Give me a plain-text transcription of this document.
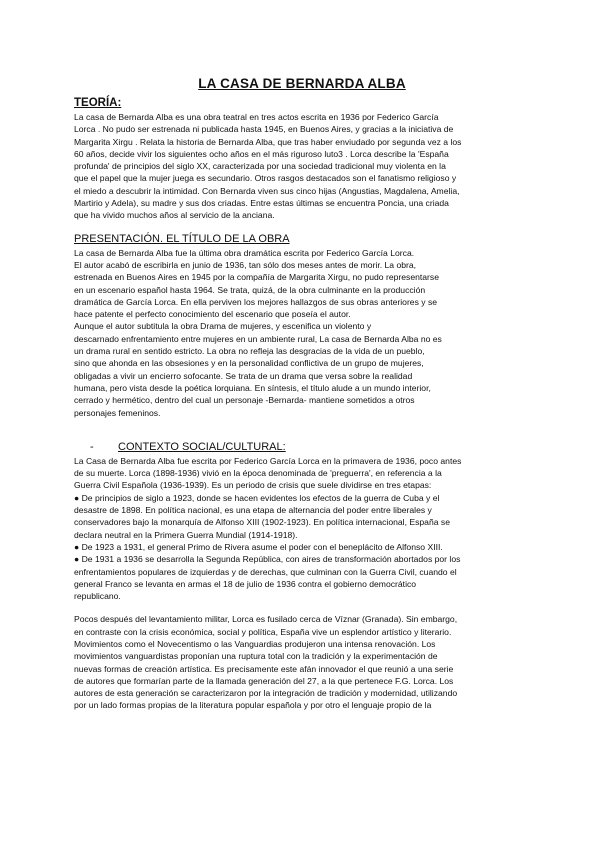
LA CASA DE BERNARDA ALBA
TEORÍA:

La casa de Bernarda Alba es una obra teatral en tres actos escrita en 1936 por Federico García

Lorca . No pudo ser estrenada ni publicada hasta 1945, en Buenos Aires, y gracias a la iniciativa de

Margarita Xirgu . Relata la historia de Bernarda Alba, que tras haber enviudado por segunda vez a los

60 años, decide vivir los siguientes ocho años en el más riguroso luto3 . Lorca describe la 'España

profunda' de principios del siglo XX, caracterizada por una sociedad tradicional muy violenta en la

que el papel que la mujer juega es secundario. Otros rasgos destacados son el fanatismo religioso y

el miedo a descubrir la intimidad. Con Bernarda viven sus cinco hijas (Angustias, Magdalena, Amelia,

Martirio y Adela), su madre y sus dos criadas. Entre estas últimas se encuentra Poncia, una criada

que ha vivido muchos años al servicio de la anciana.

PRESENTACIÓN. EL TÍTULO DE LA OBRA

La casa de Bernarda Alba fue la última obra dramática escrita por Federico García Lorca.

El autor acabó de escribirla en junio de 1936, tan sólo dos meses antes de morir. La obra,

estrenada en Buenos Aires en 1945 por la compañía de Margarita Xirgu, no pudo representarse

en un escenario español hasta 1964. Se trata, quizá, de la obra culminante en la producción

dramática de García Lorca. En ella perviven los mejores hallazgos de sus obras anteriores y se

hace patente el perfecto conocimiento del escenario que poseía el autor.

Aunque el autor subtitula la obra Drama de mujeres, y escenifica un violento y

descarnado enfrentamiento entre mujeres en un ambiente rural, La casa de Bernarda Alba no es

un drama rural en sentido estricto. La obra no refleja las desgracias de la vida de un pueblo,

sino que ahonda en las obsesiones y en la personalidad conflictiva de un grupo de mujeres,

obligadas a vivir un encierro sofocante. Se trata de un drama que versa sobre la realidad

humana, pero vista desde la poética lorquiana. En síntesis, el título alude a un mundo interior,

cerrado y hermético, dentro del cual un personaje -Bernarda- mantiene sometidos a otros

personajes femeninos.

-	CONTEXTO SOCIAL/CULTURAL:

La Casa de Bernarda Alba fue escrita por Federico García Lorca en la primavera de 1936, poco antes

de su muerte. Lorca (1898-1936) vivió en la época denominada de 'preguerra', en referencia a la

Guerra Civil Española (1936-1939). Es un periodo de crisis que suele dividirse en tres etapas:

● De principios de siglo a 1923, donde se hacen evidentes los efectos de la guerra de Cuba y el

desastre de 1898. En política nacional, es una etapa de alternancia del poder entre liberales y

conservadores bajo la monarquía de Alfonso XIII (1902-1923). En política internacional, España se

declara neutral en la Primera Guerra Mundial (1914-1918).

● De 1923 a 1931, el general Primo de Rivera asume el poder con el beneplácito de Alfonso XIII.

● De 1931 a 1936 se desarrolla la Segunda República, con aires de transformación abortados por los

enfrentamientos populares de izquierdas y de derechas, que culminan con la Guerra Civil, cuando el

general Franco se levanta en armas el 18 de julio de 1936 contra el gobierno democrático

republicano.

Pocos después del levantamiento militar, Lorca es fusilado cerca de Víznar (Granada). Sin embargo,

en contraste con la crisis económica, social y política, España vive un esplendor artístico y literario.

Movimientos como el Novecentismo o las Vanguardias produjeron una intensa renovación. Los

movimientos vanguardistas proponían una ruptura total con la tradición y la experimentación de

nuevas formas de creación artística. Es precisamente este afán innovador el que reunió a una serie

de autores que formarían parte de la llamada generación del 27, a la que pertenece F.G. Lorca. Los

autores de esta generación se caracterizaron por la integración de tradición y modernidad, utilizando

por un lado formas propias de la literatura popular española y por otro el lenguaje propio de la
